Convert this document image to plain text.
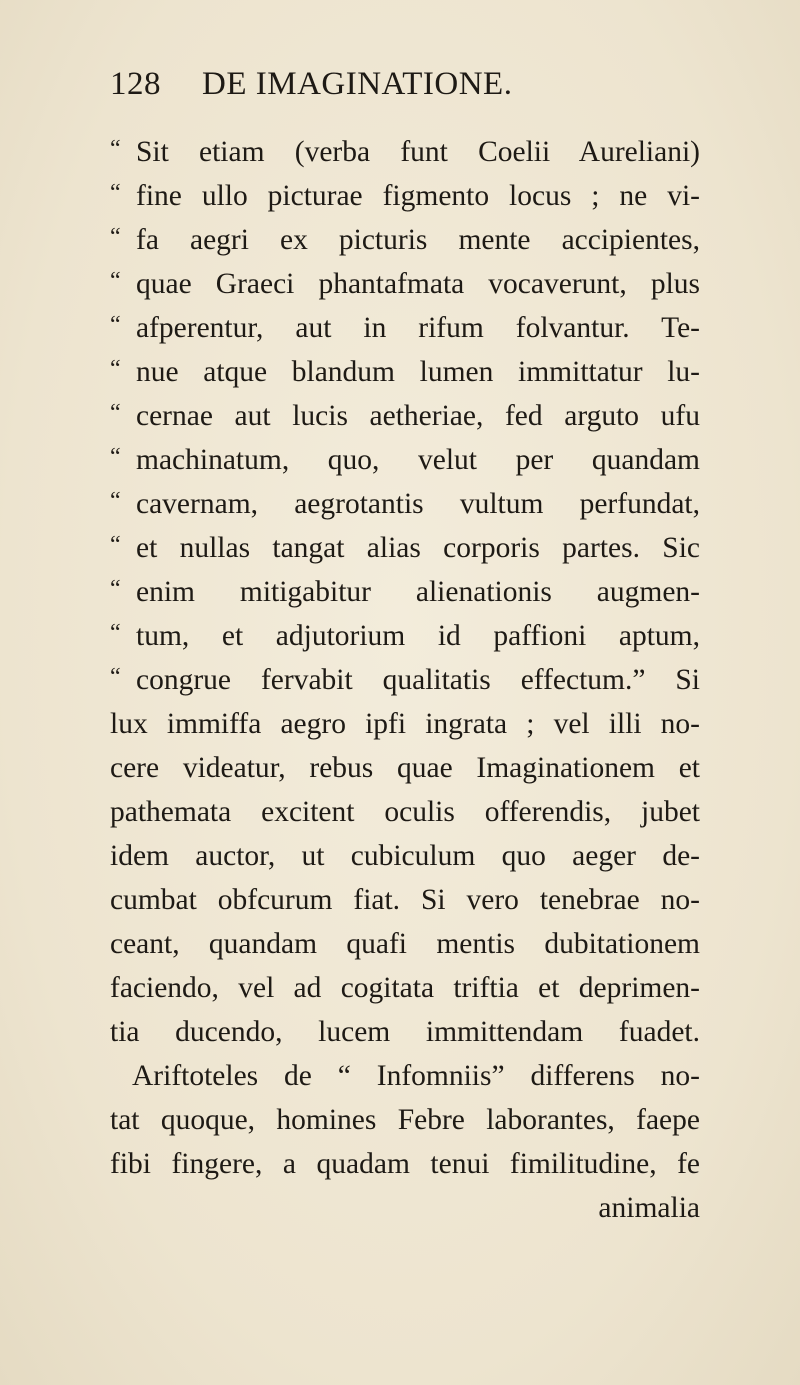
128 DE IMAGINATIONE.
“ Sit etiam (verba funt Coelii Aureliani)
“ fine ullo picturae figmento locus ; ne vi-
“ fa aegri ex picturis mente accipientes,
“ quae Graeci phantafmata vocaverunt, plus
“ afperentur, aut in rifum folvantur. Te-
“ nue atque blandum lumen immittatur lu-
“ cernae aut lucis aetheriae, fed arguto ufu
“ machinatum, quo, velut per quandam
“ cavernam, aegrotantis vultum perfundat,
“ et nullas tangat alias corporis partes. Sic
“ enim mitigabitur alienationis augmen-
“ tum, et adjutorium id paffioni aptum,
“ congrue fervabit qualitatis effectum.” Si
lux immiffa aegro ipfi ingrata ; vel illi no-
cere videatur, rebus quae Imaginationem et
pathemata excitent oculis offerendis, jubet
idem auctor, ut cubiculum quo aeger de-
cumbat obfcurum fiat. Si vero tenebrae no-
ceant, quandam quafi mentis dubitationem
faciendo, vel ad cogitata triftia et deprimen-
tia ducendo, lucem immittendam fuadet.
Ariftoteles de “ Infomniis” differens no-
tat quoque, homines Febre laborantes, faepe
fibi fingere, a quadam tenui fimilitudine, fe
animalia
